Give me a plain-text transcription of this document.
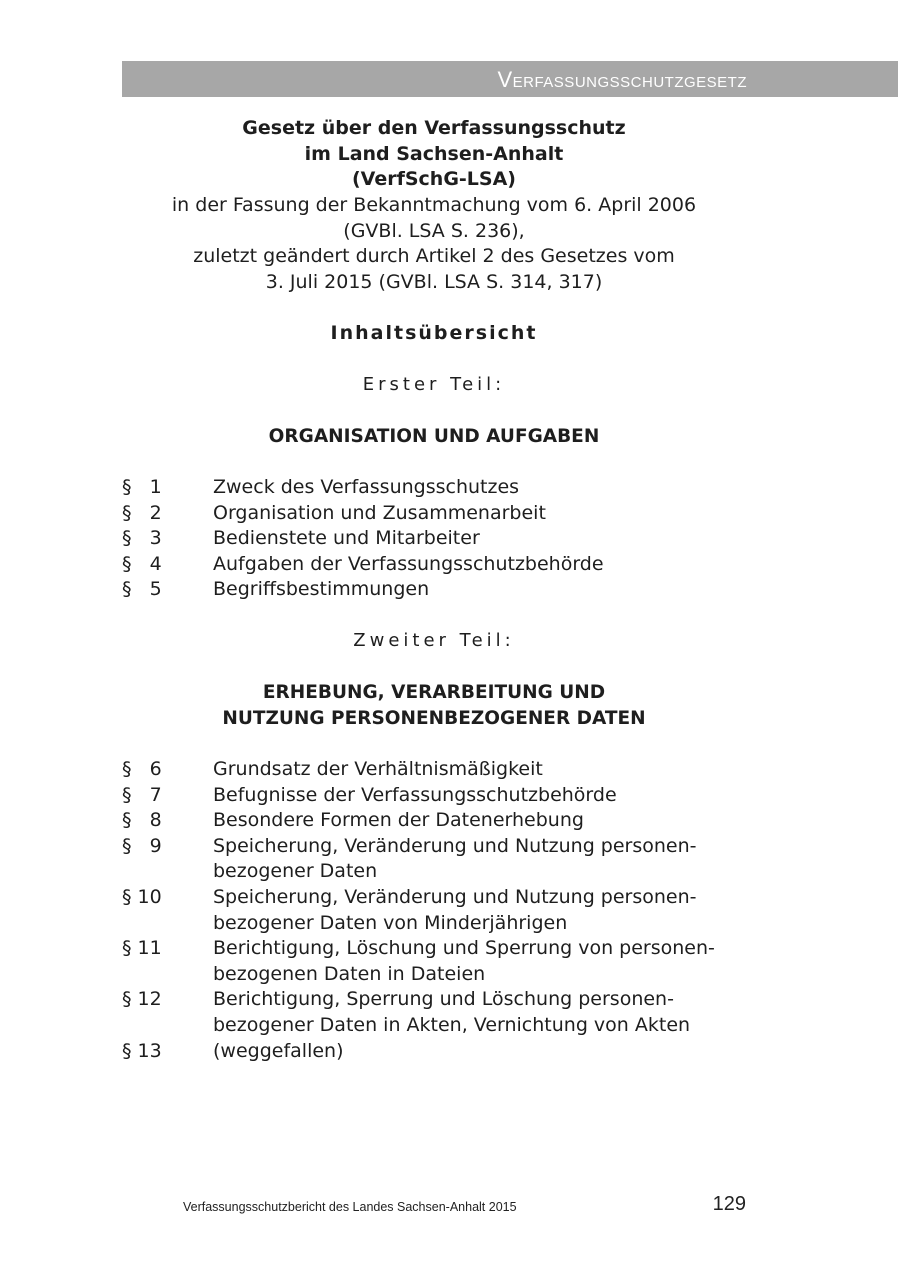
Verfassungsschutzgesetz
Gesetz über den Verfassungsschutz
im Land Sachsen-Anhalt
(VerfSchG-LSA)
in der Fassung der Bekanntmachung vom 6. April 2006
(GVBl. LSA S. 236),
zuletzt geändert durch Artikel 2 des Gesetzes vom
3. Juli 2015 (GVBl. LSA S. 314, 317)
Inhaltsübersicht
Erster Teil:
ORGANISATION UND AUFGABEN
§   1	Zweck des Verfassungsschutzes
§   2	Organisation und Zusammenarbeit
§   3	Bedienstete und Mitarbeiter
§   4	Aufgaben der Verfassungsschutzbehörde
§   5	Begriffsbestimmungen
Zweiter Teil:
ERHEBUNG, VERARBEITUNG UND
NUTZUNG PERSONENBEZOGENER DATEN
§   6	Grundsatz der Verhältnismäßigkeit
§   7	Befugnisse der Verfassungsschutzbehörde
§   8	Besondere Formen der Datenerhebung
§   9	Speicherung, Veränderung und Nutzung personen-
bezogener Daten
§ 10	Speicherung, Veränderung und Nutzung personen-
bezogener Daten von Minderjährigen
§ 11	Berichtigung, Löschung und Sperrung von personen-
bezogenen Daten in Dateien
§ 12	Berichtigung, Sperrung und Löschung personen-
bezogener Daten in Akten, Vernichtung von Akten
§ 13	(weggefallen)
Verfassungsschutzbericht des Landes Sachsen-Anhalt 2015	129
